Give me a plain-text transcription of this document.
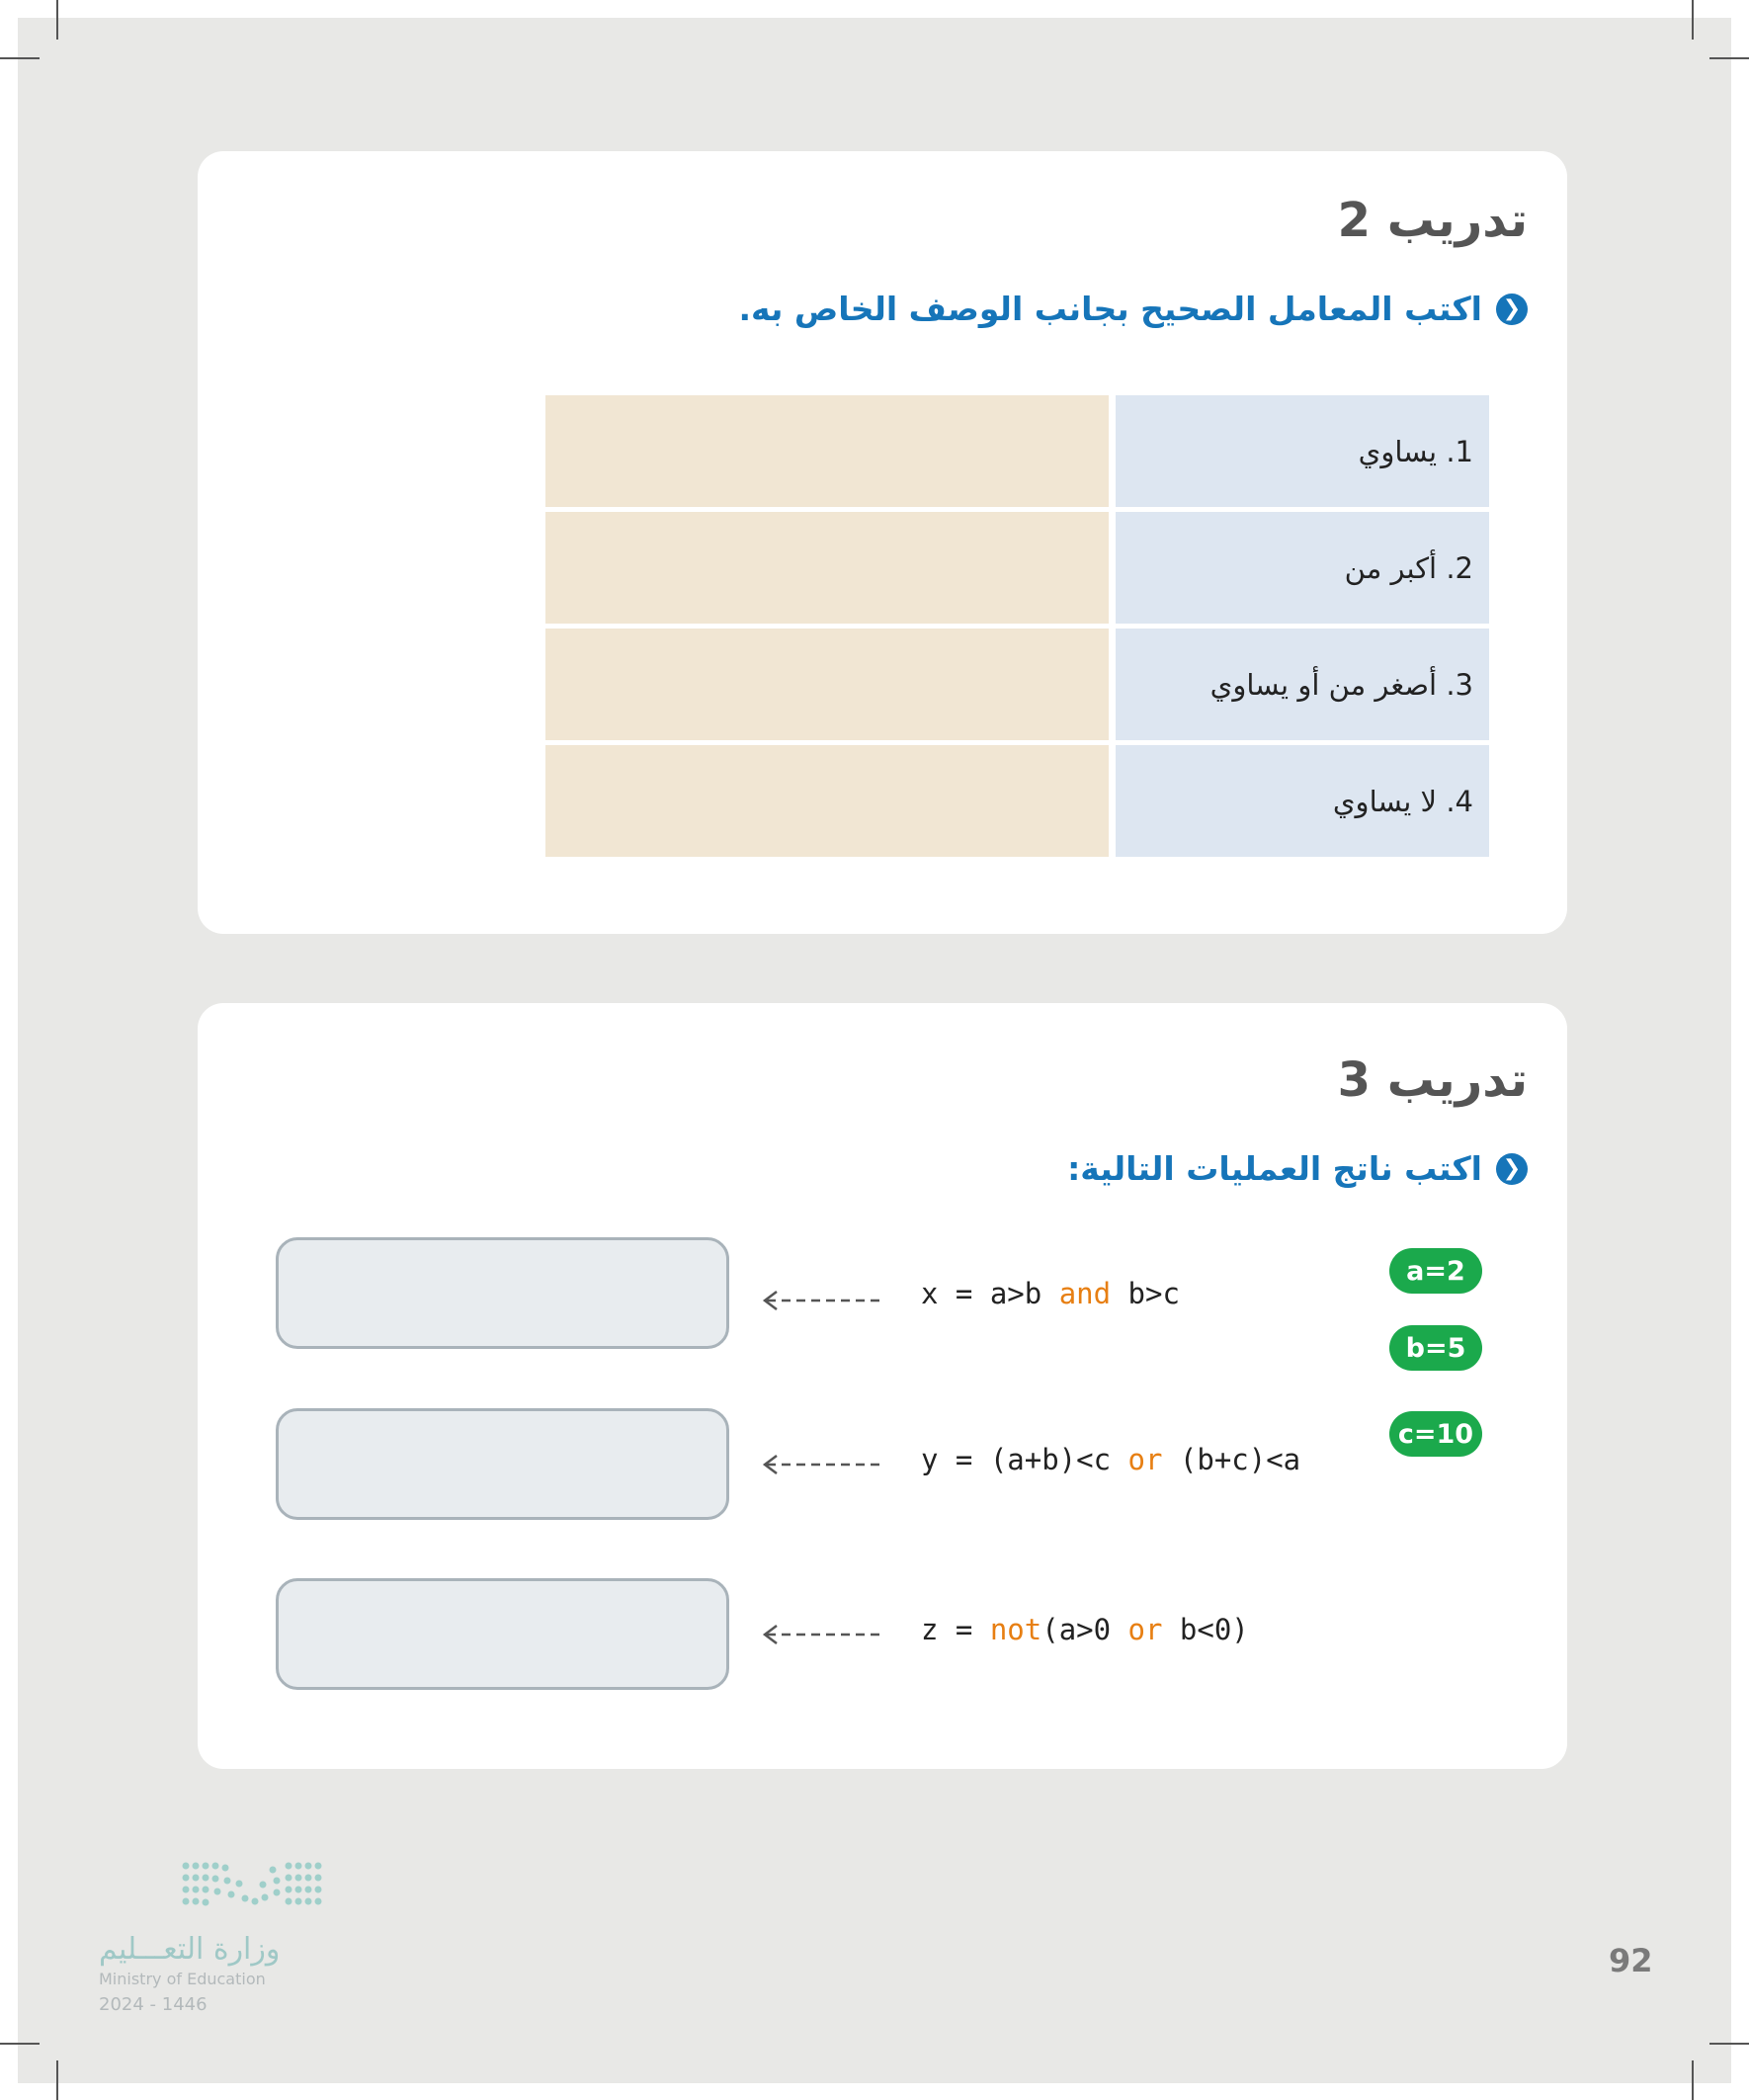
تدريب 2
❮
اكتب المعامل الصحيح بجانب الوصف الخاص به.
1. يساوي
2. أكبر من
3. أصغر من أو يساوي
4. لا يساوي
تدريب 3
❮
اكتب ناتج العمليات التالية:
a=2
b=5
c=10
x = a>b and b>c
y = (a+b)<c or (b+c)<a
z = not(a>0 or b<0)
وزارة التعـــليم
Ministry of Education
2024 - 1446
92
